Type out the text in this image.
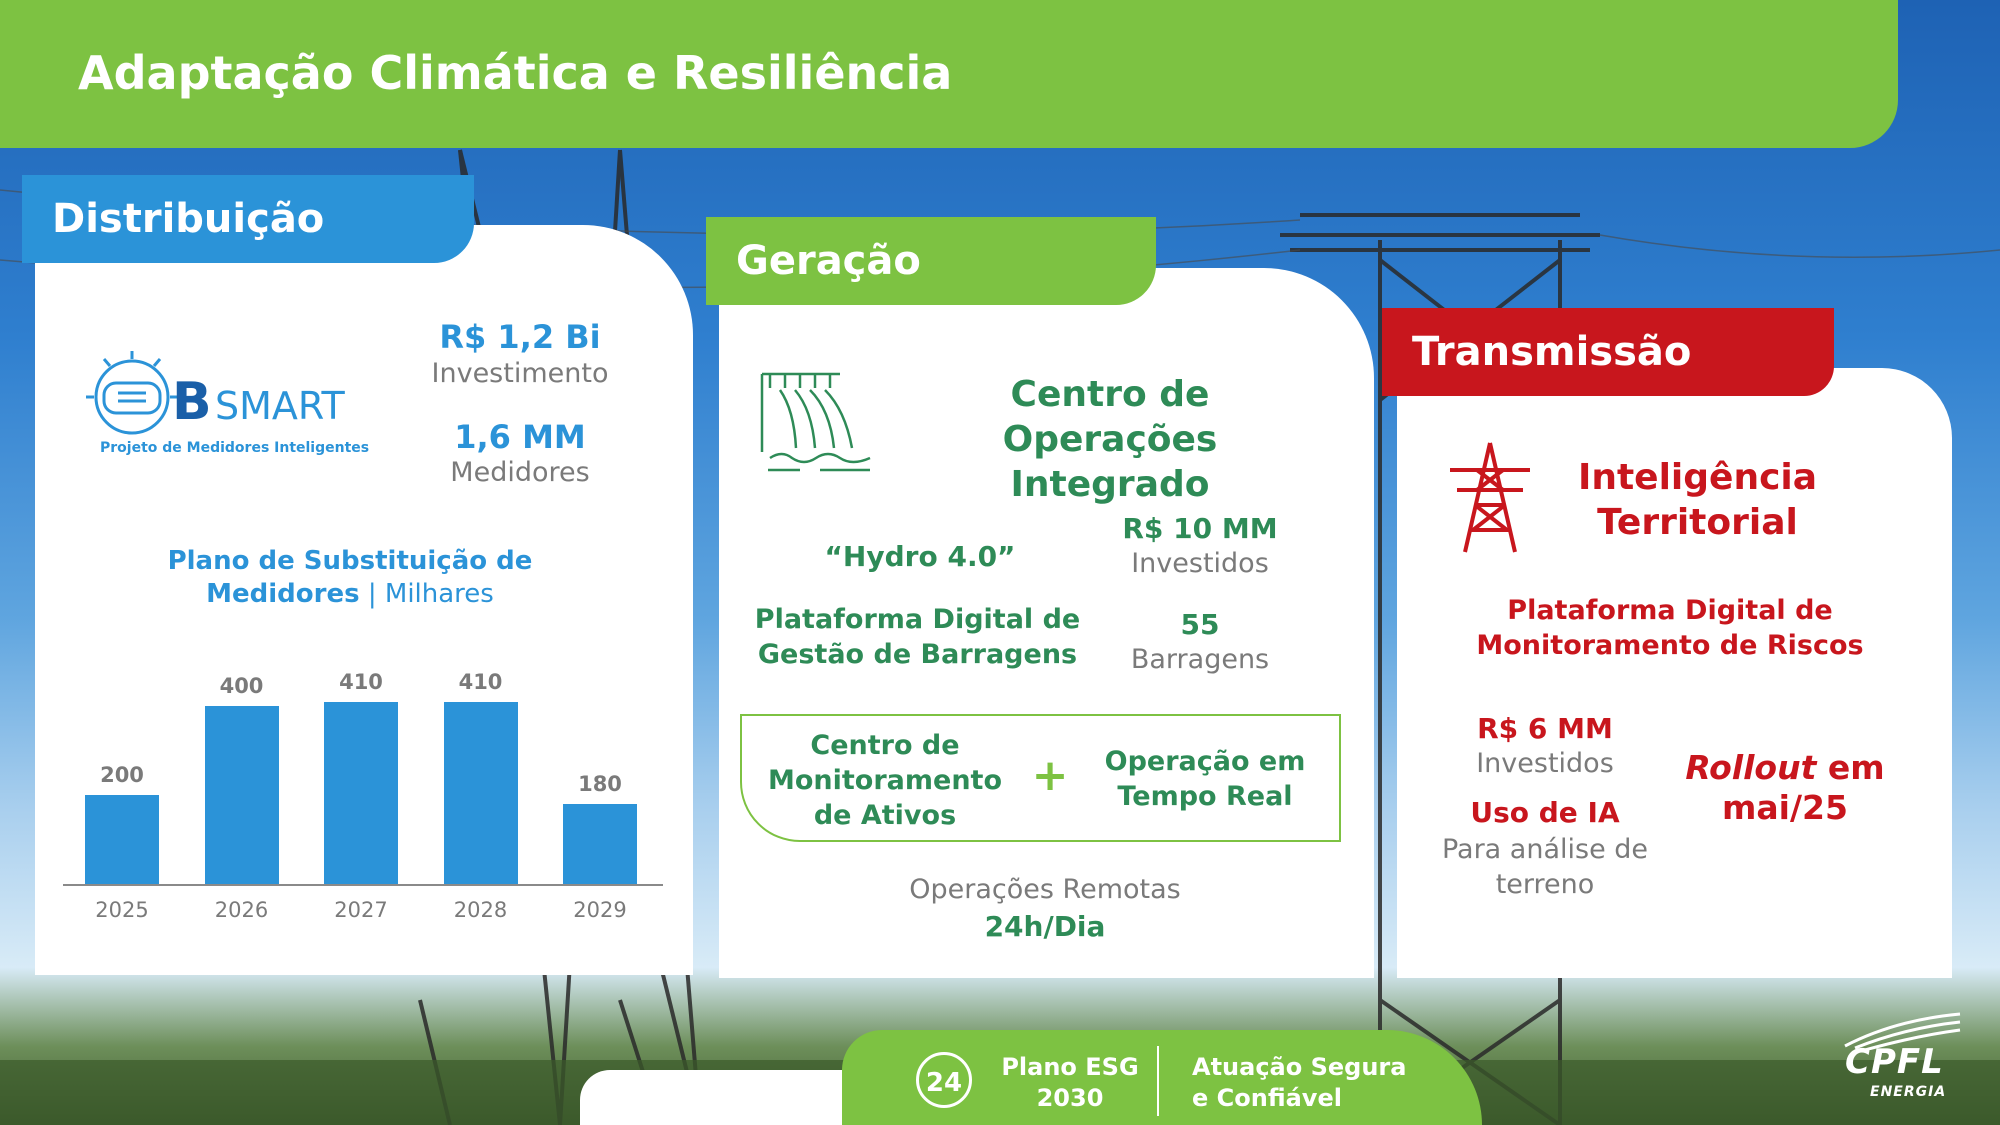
Adaptação Climática e Resiliência
Distribuição
B SMART
Projeto de Medidores Inteligentes
R$ 1,2 Bi
Investimento
1,6 MM
Medidores
Plano de Substituição de Medidores | Milhares
200
2025
400
2026
410
2027
410
2028
180
2029
Geração
Centro de Operações Integrado
“Hydro 4.0”
R$ 10 MM
Investidos
Plataforma Digital de Gestão de Barragens
55
Barragens
Centro de Monitoramento de Ativos
+	Operação em Tempo Real
Operações Remotas
24h/Dia
Transmissão
Inteligência Territorial
Plataforma Digital de Monitoramento de Riscos
R$ 6 MM
Investidos
Uso de IA
Para análise de terreno
Rollout em
mai/25
24
Plano ESG 2030
Atuação Segura e Confiável
CPFL
ENERGIA
